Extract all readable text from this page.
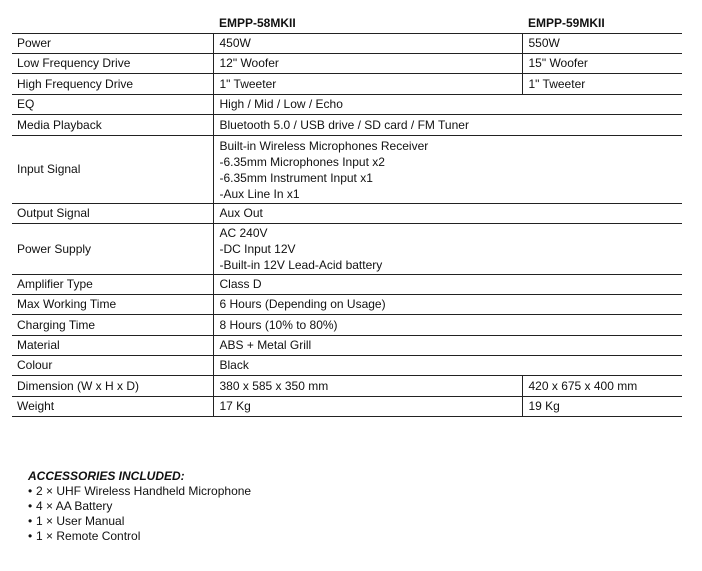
	EMPP-58MKII	EMPP-59MKII
Power	450W	550W
Low Frequency Drive	12" Woofer	15" Woofer
High Frequency Drive	1" Tweeter	1" Tweeter
EQ	High / Mid / Low / Echo	
Media Playback	Bluetooth 5.0 / USB drive / SD card / FM Tuner	
Input Signal	Built-in Wireless Microphones Receiver
-6.35mm Microphones Input x2
-6.35mm Instrument Input x1
-Aux Line In x1	

Output Signal	Aux Out	
Power Supply	AC 240V
-DC Input 12V
-Built-in 12V Lead-Acid battery	

Amplifier Type	Class D	
Max Working Time	6 Hours (Depending on Usage)	
Charging Time	8 Hours (10% to 80%)	
Material	ABS + Metal Grill	
Colour	Black	
Dimension (W x H x D)	380 x 585 x 350 mm	420 x 675 x 400 mm
Weight	17 Kg	19 Kg
ACCESSORIES INCLUDED:
• 2 × UHF Wireless Handheld Microphone
• 4 × AA Battery
• 1 × User Manual
• 1 × Remote Control
